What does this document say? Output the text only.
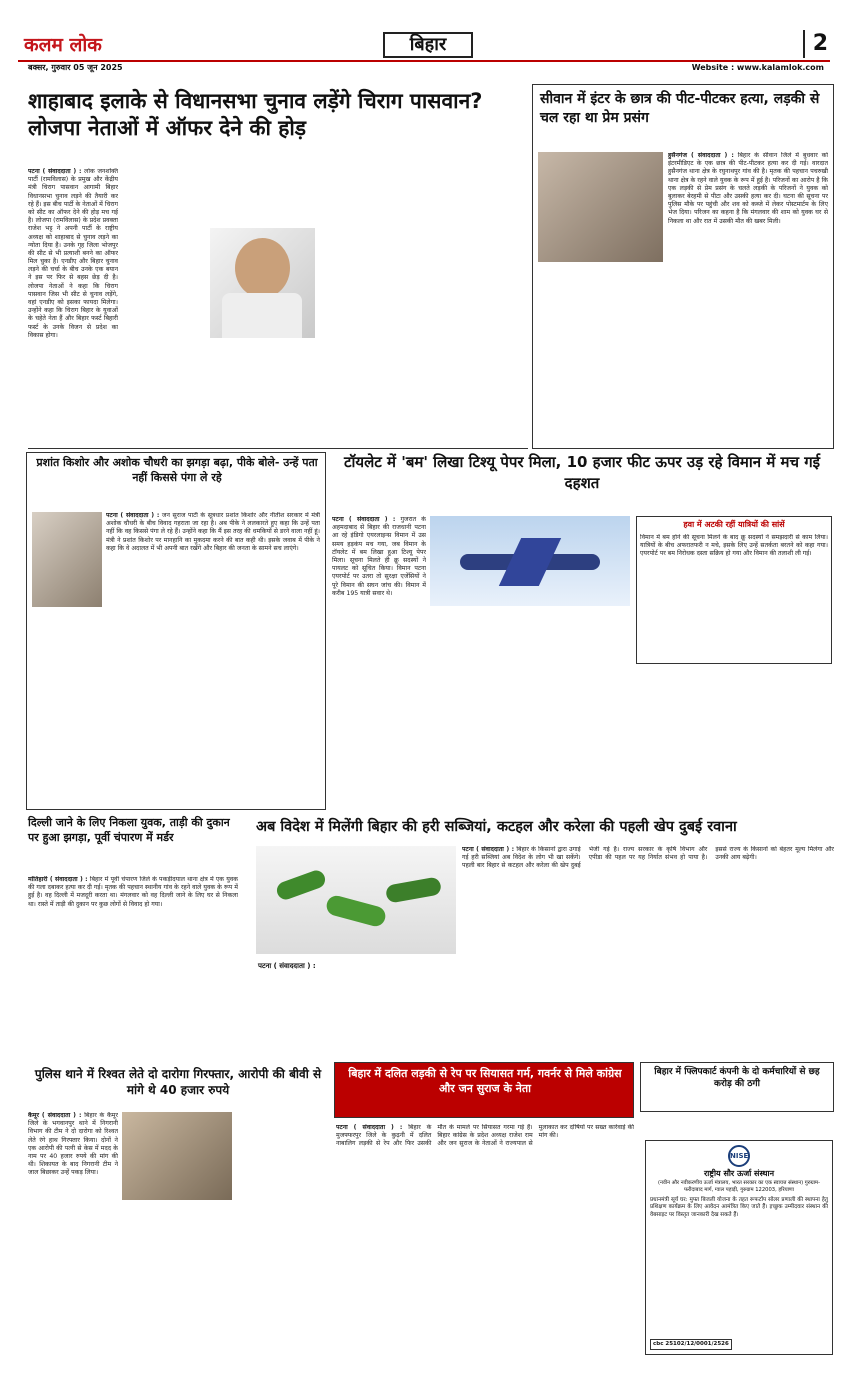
कलम लोक	बिहार	2
बक्सर, गुरुवार 05 जून 2025	Website : www.kalamlok.com
शाहाबाद इलाके से विधानसभा चुनाव लड़ेंगे चिराग पासवान? लोजपा नेताओं में ऑफर देने की होड़
पटना ( संवाददाता ) : लोक जनशक्ति पार्टी (रामविलास) के प्रमुख और केंद्रीय मंत्री चिराग पासवान आगामी बिहार विधानसभा चुनाव लड़ने की तैयारी कर रहे हैं। इस बीच पार्टी के नेताओं में चिराग को सीट का ऑफर देने की होड़ मच गई है। लोजपा (रामविलास) के प्रदेश प्रवक्ता राजेश भट्ट ने अपनी पार्टी के राष्ट्रीय अध्यक्ष को शाहाबाद से चुनाव लड़ने का न्योता दिया है। उनके गृह जिला भोजपुर की सीट से भी प्रत्याशी बनने का ऑफर मिल चुका है। एनडीए और बिहार चुनाव लड़ने की चर्चा के बीच उनके एक बयान ने इस पर फिर से बहस छेड़ दी है। लोजपा नेताओं ने कहा कि चिराग पासवान जिस भी सीट से चुनाव लड़ेंगे, वहां एनडीए को इसका फायदा मिलेगा। उन्होंने कहा कि चिराग बिहार के युवाओं के चहेते नेता हैं और बिहार फर्स्ट बिहारी फर्स्ट के उनके विजन से प्रदेश का विकास होगा।
सीवान में इंटर के छात्र की पीट-पीटकर हत्या, लड़की से चल रहा था प्रेम प्रसंग
हुसैनगंज ( संवाददाता ) : बिहार के सीवान जिले में बुधवार को इंटरमीडिएट के एक छात्र की पीट-पीटकर हत्या कर दी गई। वारदात हुसैनगंज थाना क्षेत्र के रघुनाथपुर गांव की है। मृतक की पहचान पचरुखी थाना क्षेत्र के रहने वाले युवक के रूप में हुई है। परिजनों का आरोप है कि एक लड़की से प्रेम प्रसंग के चलते लड़की के परिजनों ने युवक को बुलाकर बेरहमी से पीटा और उसकी हत्या कर दी। घटना की सूचना पर पुलिस मौके पर पहुंची और शव को कब्जे में लेकर पोस्टमार्टम के लिए भेज दिया। परिजन का कहना है कि मंगलवार की शाम को युवक घर से निकला था और रात में उसकी मौत की खबर मिली।
प्रशांत किशोर और अशोक चौधरी का झगड़ा बढ़ा, पीके बोले- उन्हें पता नहीं किससे पंगा ले रहे
पटना ( संवाददाता ) : जन सुराज पार्टी के सूत्रधार प्रशांत किशोर और नीतीश सरकार में मंत्री अशोक चौधरी के बीच विवाद गहराता जा रहा है। अब पीके ने ललकारते हुए कहा कि उन्हें पता नहीं कि वह किससे पंगा ले रहे हैं। उन्होंने कहा कि मैं इस तरह की धमकियों से डरने वाला नहीं हूं। मंत्री ने प्रशांत किशोर पर मानहानि का मुकदमा करने की बात कही थी। इसके जवाब में पीके ने कहा कि वे अदालत में भी अपनी बात रखेंगे और बिहार की जनता के सामने सच लाएंगे।
टॉयलेट में 'बम' लिखा टिश्यू पेपर मिला, 10 हजार फीट ऊपर उड़ रहे विमान में मच गई दहशत
पटना ( संवाददाता ) : गुजरात के अहमदाबाद से बिहार की राजधानी पटना आ रहे इंडिगो एयरलाइन्स विमान में उस समय हड़कंप मच गया, जब विमान के टॉयलेट में बम लिखा हुआ टिश्यू पेपर मिला। सूचना मिलते ही क्रू सदस्यों ने पायलट को सूचित किया। विमान पटना एयरपोर्ट पर उतरा तो सुरक्षा एजेंसियों ने पूरे विमान की सघन जांच की। विमान में करीब 195 यात्री सवार थे।
हवा में अटकी रहीं यात्रियों की सांसें
विमान में बम होने की सूचना मिलने के बाद क्रू सदस्यों ने समझदारी से काम लिया। यात्रियों के बीच अफरातफरी न मचे, इसके लिए उन्हें सतर्कता बरतने को कहा गया। एयरपोर्ट पर बम निरोधक दस्ता सक्रिय हो गया और विमान की तलाशी ली गई।
दिल्ली जाने के लिए निकला युवक, ताड़ी की दुकान पर हुआ झगड़ा, पूर्वी चंपारण में मर्डर
मोतिहारी ( संवाददाता ) : बिहार में पूर्वी चंपारण जिले के पकड़ीदयाल थाना क्षेत्र में एक युवक की गला दबाकर हत्या कर दी गई। मृतक की पहचान स्थानीय गांव के रहने वाले युवक के रूप में हुई है। वह दिल्ली में मजदूरी करता था। मंगलवार को वह दिल्ली जाने के लिए घर से निकला था। रास्ते में ताड़ी की दुकान पर कुछ लोगों से विवाद हो गया।
अब विदेश में मिलेंगी बिहार की हरी सब्जियां, कटहल और करेला की पहली खेप दुबई रवाना
पटना ( संवाददाता ) :
पटना ( संवाददाता ) : बिहार के किसानों द्वारा उगाई गई हरी सब्जियां अब विदेश के लोग भी खा सकेंगे। पहली बार बिहार से कटहल और करेला की खेप दुबई भेजी गई है। राज्य सरकार के कृषि विभाग और एपीडा की पहल पर यह निर्यात संभव हो पाया है। इससे राज्य के किसानों को बेहतर मूल्य मिलेगा और उनकी आय बढ़ेगी।
पुलिस थाने में रिश्वत लेते दो दारोगा गिरफ्तार, आरोपी की बीवी से मांगे थे 40 हजार रुपये
कैमूर ( संवाददाता ) : बिहार के कैमूर जिले के भगवानपुर थाने में निगरानी विभाग की टीम ने दो दारोगा को रिश्वत लेते रंगे हाथ गिरफ्तार किया। दोनों ने एक आरोपी की पत्नी से केस में मदद के नाम पर 40 हजार रुपये की मांग की थी। शिकायत के बाद निगरानी टीम ने जाल बिछाकर उन्हें पकड़ लिया।
बिहार में दलित लड़की से रेप पर सियासत गर्म, गवर्नर से मिले कांग्रेस और जन सुराज के नेता
पटना ( संवाददाता ) : बिहार के मुजफ्फरपुर जिले के कुढ़नी में दलित नाबालिग लड़की से रेप और फिर उसकी मौत के मामले पर सियासत गरमा गई है। बिहार कांग्रेस के प्रदेश अध्यक्ष राजेश राम और जन सुराज के नेताओं ने राज्यपाल से मुलाकात कर दोषियों पर सख्त कार्रवाई की मांग की।
बिहार में फ्लिपकार्ट कंपनी के दो कर्मचारियों से छह करोड़ की ठगी
NISE
राष्ट्रीय सौर ऊर्जा संस्थान
(नवीन और नवीकरणीय ऊर्जा मंत्रालय, भारत सरकार का एक स्वायत्त संस्थान) गुरुग्राम-फरीदाबाद मार्ग, ग्वाल पहाड़ी, गुरुग्राम 122003, हरियाणा
प्रधानमंत्री सूर्य घर: मुफ्त बिजली योजना के तहत रूफटॉप सोलर प्रणाली की स्थापना हेतु प्रशिक्षण कार्यक्रम के लिए आवेदन आमंत्रित किए जाते हैं। इच्छुक उम्मीदवार संस्थान की वेबसाइट पर विस्तृत जानकारी देख सकते हैं।
cbc 25102/12/0001/2526
